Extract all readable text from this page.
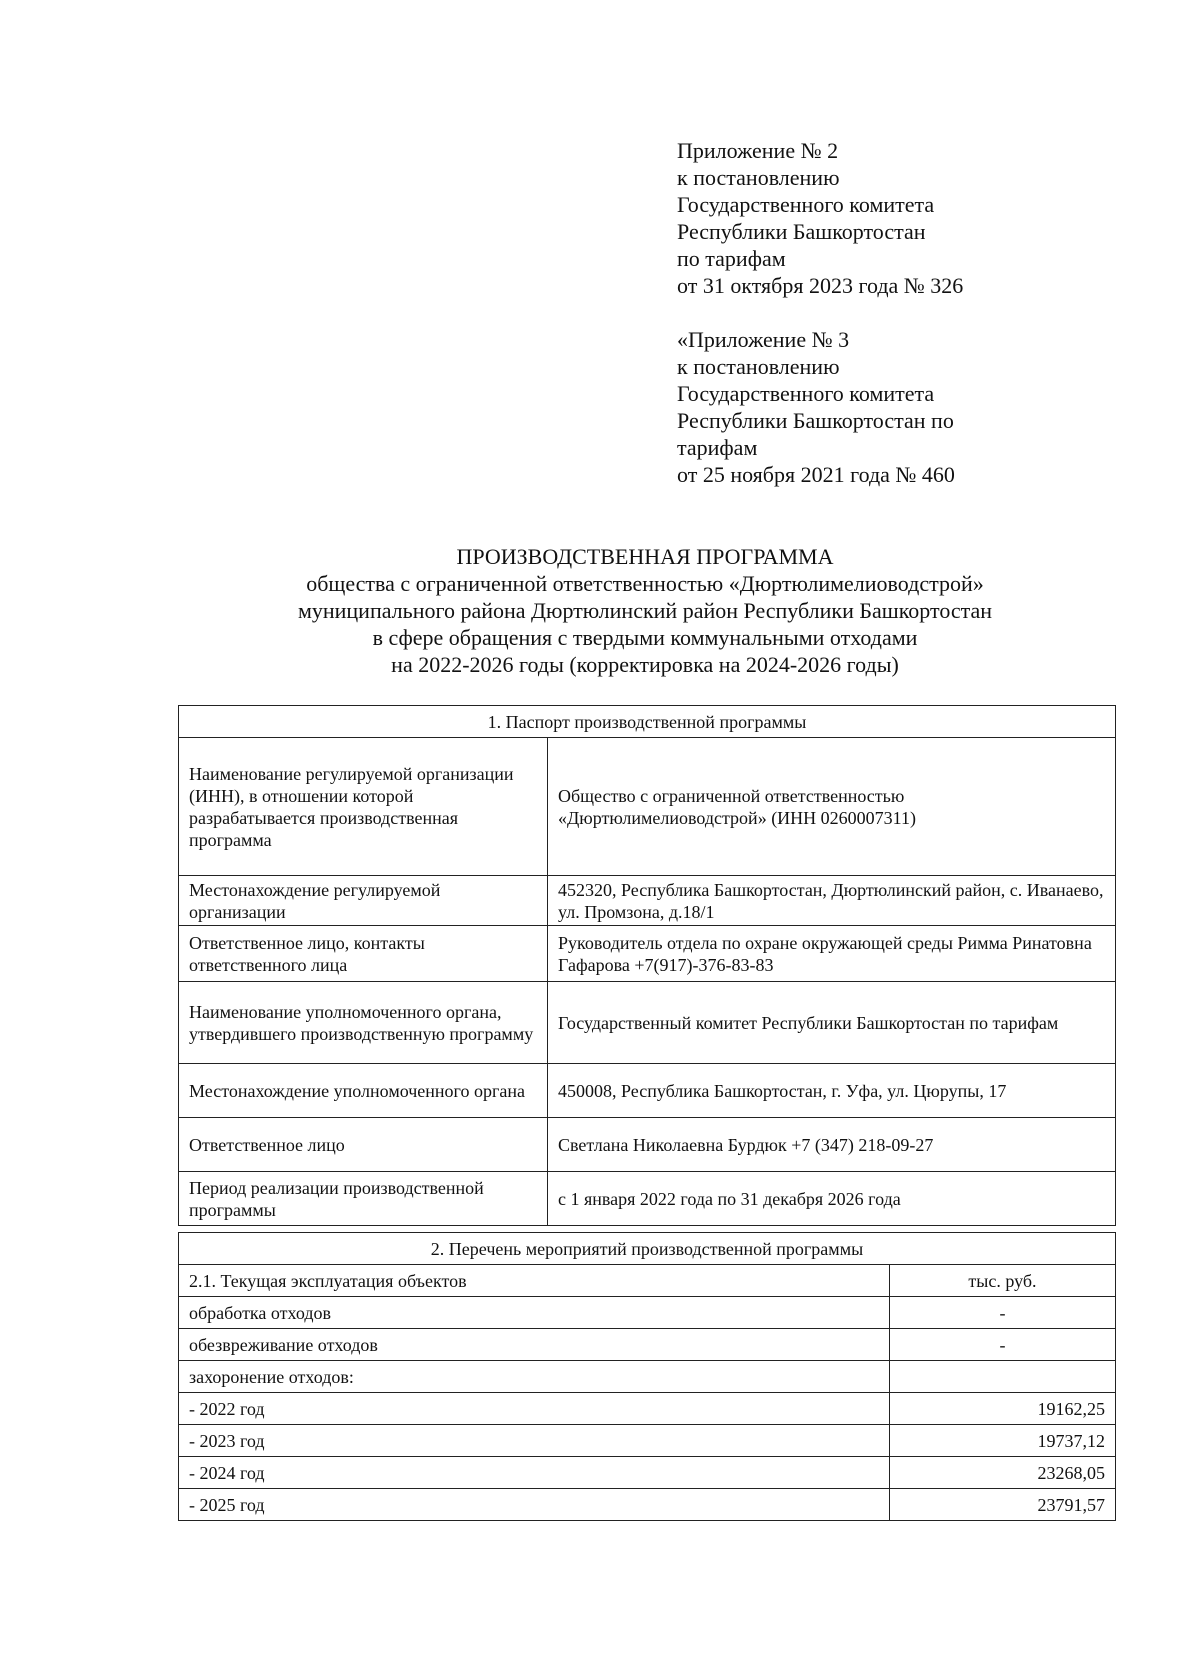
Приложение № 2
к постановлению
Государственного комитета
Республики Башкортостан
по тарифам
от 31 октября 2023 года № 326
«Приложение № 3
к постановлению
Государственного комитета
Республики Башкортостан по
тарифам
от 25 ноября 2021 года № 460
ПРОИЗВОДСТВЕННАЯ ПРОГРАММА
общества с ограниченной ответственностью «Дюртюлимелиоводстрой»
муниципального района Дюртюлинский район Республики Башкортостан
в сфере обращения с твердыми коммунальными отходами
на 2022-2026 годы (корректировка на 2024-2026 годы)
1. Паспорт производственной программы	
Наименование регулируемой организации (ИНН), в отношении которой разрабатывается производственная программа	Общество с ограниченной ответственностью «Дюртюлимелиоводстрой» (ИНН 0260007311)
Местонахождение регулируемой организации	452320, Республика Башкортостан, Дюртюлинский район, с. Иванаево, ул. Промзона, д.18/1
Ответственное лицо, контакты ответственного лица	Руководитель отдела по охране окружающей среды Римма Ринатовна Гафарова +7(917)-376-83-83
Наименование уполномоченного органа, утвердившего производственную программу	Государственный комитет Республики Башкортостан по тарифам
Местонахождение уполномоченного органа	450008, Республика Башкортостан, г. Уфа, ул. Цюрупы, 17
Ответственное лицо	Светлана Николаевна Бурдюк +7 (347) 218-09-27
Период реализации производственной программы	с 1 января 2022 года по 31 декабря 2026 года
2. Перечень мероприятий производственной программы	
2.1. Текущая эксплуатация объектов	тыс. руб.
обработка отходов	-
обезвреживание отходов	-
захоронение отходов:	
- 2022 год	19162,25
- 2023 год	19737,12
- 2024 год	23268,05
- 2025 год	23791,57
